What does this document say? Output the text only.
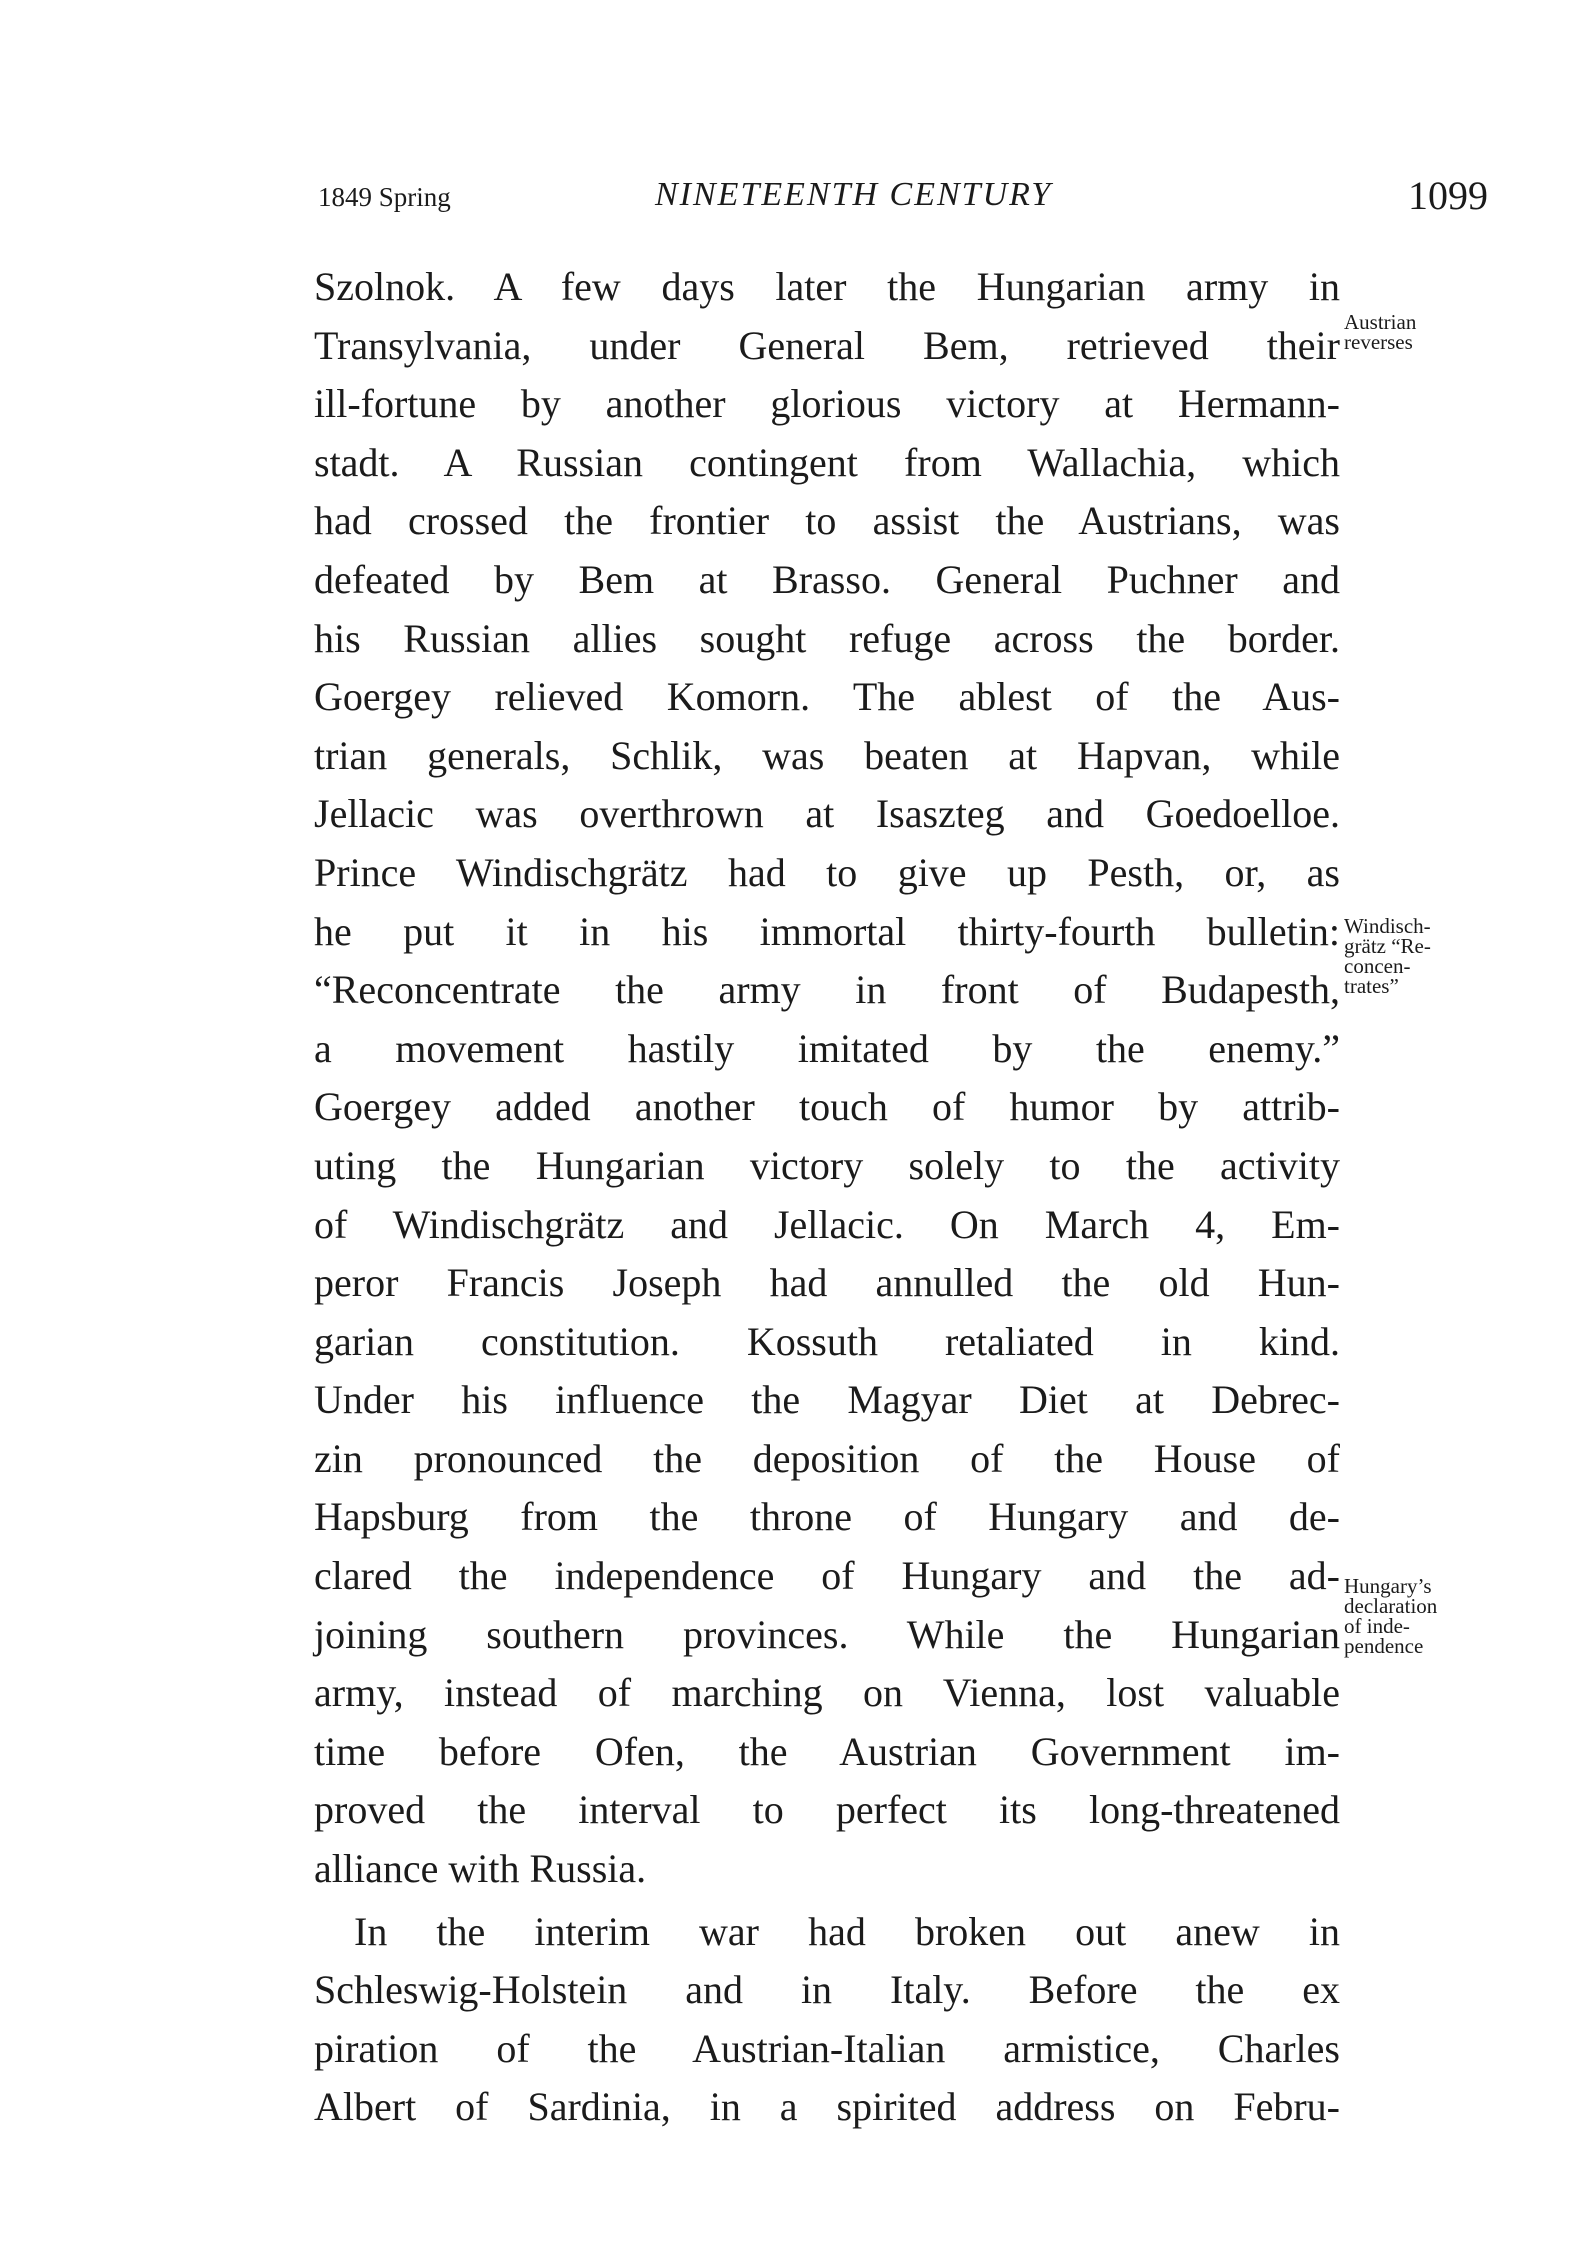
1849 Spring	NINETEENTH CENTURY	1099
Szolnok. A few days later the Hungarian army in
Transylvania, under General Bem, retrieved their
ill-fortune by another glorious victory at Hermann-
stadt. A Russian contingent from Wallachia, which
had crossed the frontier to assist the Austrians, was
defeated by Bem at Brasso. General Puchner and
his Russian allies sought refuge across the border.
Goergey relieved Komorn. The ablest of the Aus-
trian generals, Schlik, was beaten at Hapvan, while
Jellacic was overthrown at Isaszteg and Goedoelloe.
Prince Windischgrätz had to give up Pesth, or, as
he put it in his immortal thirty-fourth bulletin:
“Reconcentrate the army in front of Budapesth,
a movement hastily imitated by the enemy.”
Goergey added another touch of humor by attrib-
uting the Hungarian victory solely to the activity
of Windischgrätz and Jellacic. On March 4, Em-
peror Francis Joseph had annulled the old Hun-
garian constitution. Kossuth retaliated in kind.
Under his influence the Magyar Diet at Debrec-
zin pronounced the deposition of the House of
Hapsburg from the throne of Hungary and de-
clared the independence of Hungary and the ad-
joining southern provinces. While the Hungarian
army, instead of marching on Vienna, lost valuable
time before Ofen, the Austrian Government im-
proved the interval to perfect its long-threatened
alliance with Russia.
In the interim war had broken out anew in
Schleswig-Holstein and in Italy. Before the ex
piration of the Austrian-Italian armistice, Charles
Albert of Sardinia, in a spirited address on Febru-
Austrian
reverses
Windisch-
grätz “Re-
concen-
trates”
Hungary’s
declaration
of inde-
pendence
